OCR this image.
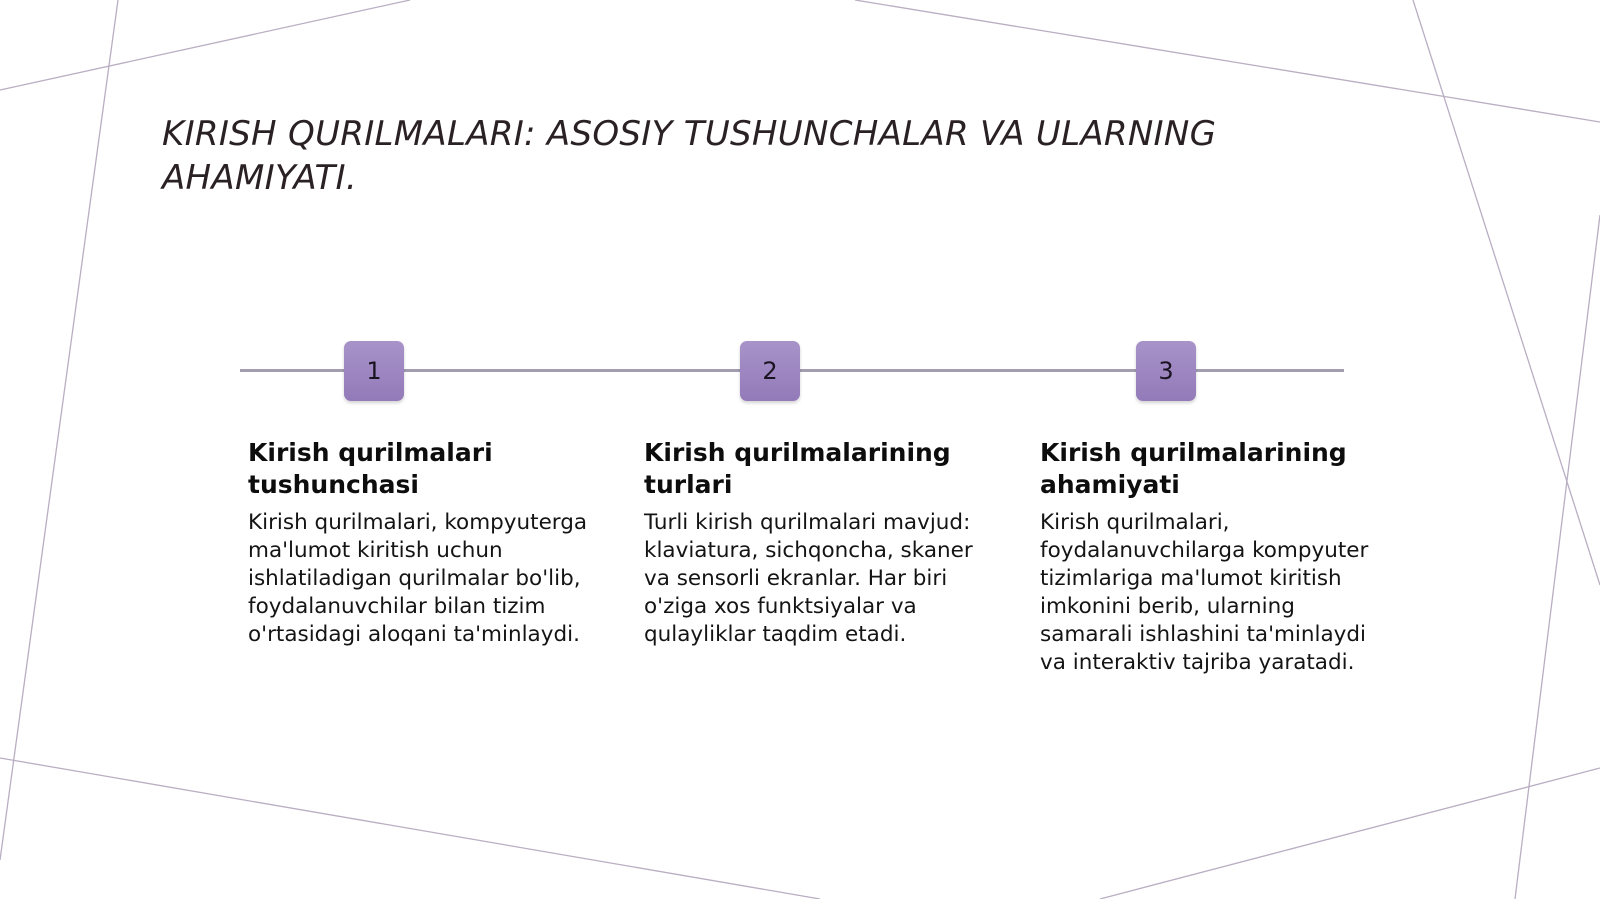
KIRISH QURILMALARI: ASOSIY TUSHUNCHALAR VA ULARNING AHAMIYATI.
1	2	3
Kirish qurilmalari tushunchasi

Kirish qurilmalari, kompyuterga ma'lumot kiritish uchun ishlatiladigan qurilmalar bo'lib, foydalanuvchilar bilan tizim o'rtasidagi aloqani ta'minlaydi.

Kirish qurilmalarining turlari

Turli kirish qurilmalari mavjud: klaviatura, sichqoncha, skaner va sensorli ekranlar. Har biri o'ziga xos funktsiyalar va qulayliklar taqdim etadi.

Kirish qurilmalarining ahamiyati

Kirish qurilmalari, foydalanuvchilarga kompyuter tizimlariga ma'lumot kiritish imkonini berib, ularning samarali ishlashini ta'minlaydi va interaktiv tajriba yaratadi.
